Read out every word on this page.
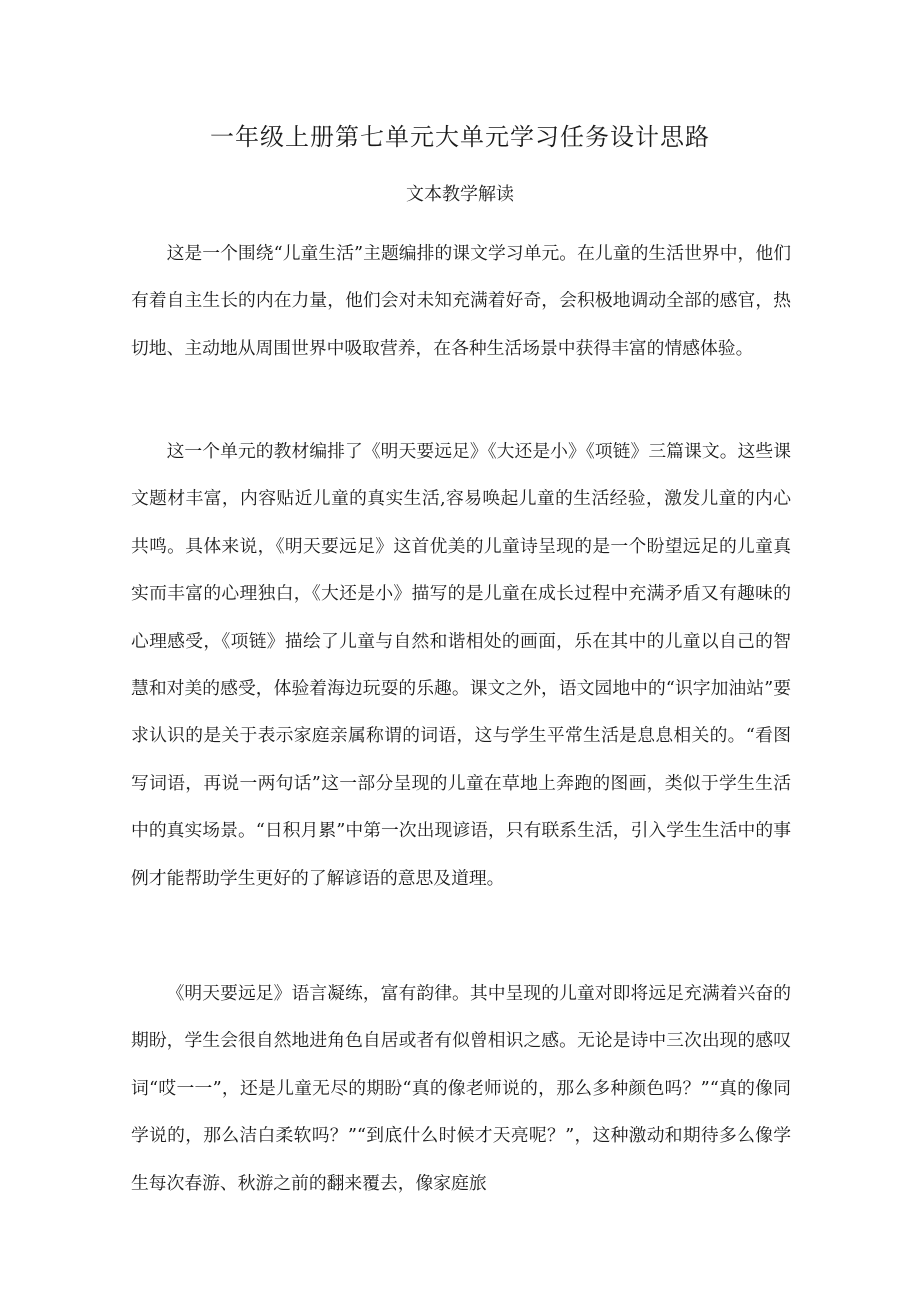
一年级上册第七单元大单元学习任务设计思路
文本教学解读

这是一个围绕“儿童生活”主题编排的课文学习单元。在儿童的生活世界中，他们有着自主生长的内在力量，他们会对未知充满着好奇，会积极地调动全部的感官，热切地、主动地从周围世界中吸取营养，在各种生活场景中获得丰富的情感体验。

这一个单元的教材编排了《明天要远足》《大还是小》《项链》三篇课文。这些课文题材丰富，内容贴近儿童的真实生活,容易唤起儿童的生活经验，激发儿童的内心共鸣。具体来说，《明天要远足》这首优美的儿童诗呈现的是一个盼望远足的儿童真实而丰富的心理独白，《大还是小》描写的是儿童在成长过程中充满矛盾又有趣味的心理感受，《项链》描绘了儿童与自然和谐相处的画面，乐在其中的儿童以自己的智慧和对美的感受，体验着海边玩耍的乐趣。课文之外，语文园地中的“识字加油站”要求认识的是关于表示家庭亲属称谓的词语，这与学生平常生活是息息相关的。“看图写词语，再说一两句话”这一部分呈现的儿童在草地上奔跑的图画，类似于学生生活中的真实场景。“日积月累”中第一次出现谚语，只有联系生活，引入学生生活中的事例才能帮助学生更好的了解谚语的意思及道理。

《明天要远足》语言凝练，富有韵律。其中呈现的儿童对即将远足充满着兴奋的期盼，学生会很自然地进角色自居或者有似曾相识之感。无论是诗中三次出现的感叹词“哎一一”，还是儿童无尽的期盼“真的像老师说的，那么多种颜色吗？”“真的像同学说的，那么洁白柔软吗？”“到底什么时候才天亮呢？”，这种激动和期待多么像学生每次春游、秋游之前的翻来覆去，像家庭旅
